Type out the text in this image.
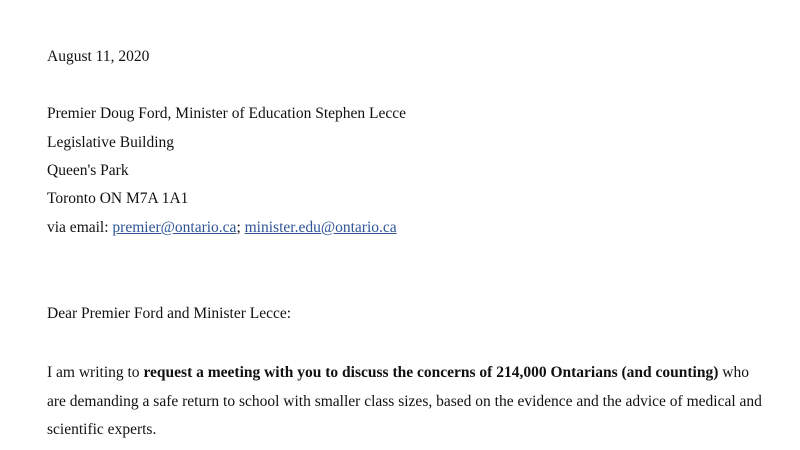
August 11, 2020

Premier Doug Ford, Minister of Education Stephen Lecce

Legislative Building

Queen's Park

Toronto ON M7A 1A1

via email: premier@ontario.ca; minister.edu@ontario.ca

Dear Premier Ford and Minister Lecce:

I am writing to request a meeting with you to discuss the concerns of 214,000 Ontarians (and counting) who are demanding a safe return to school with smaller class sizes, based on the evidence and the advice of medical and scientific experts.
